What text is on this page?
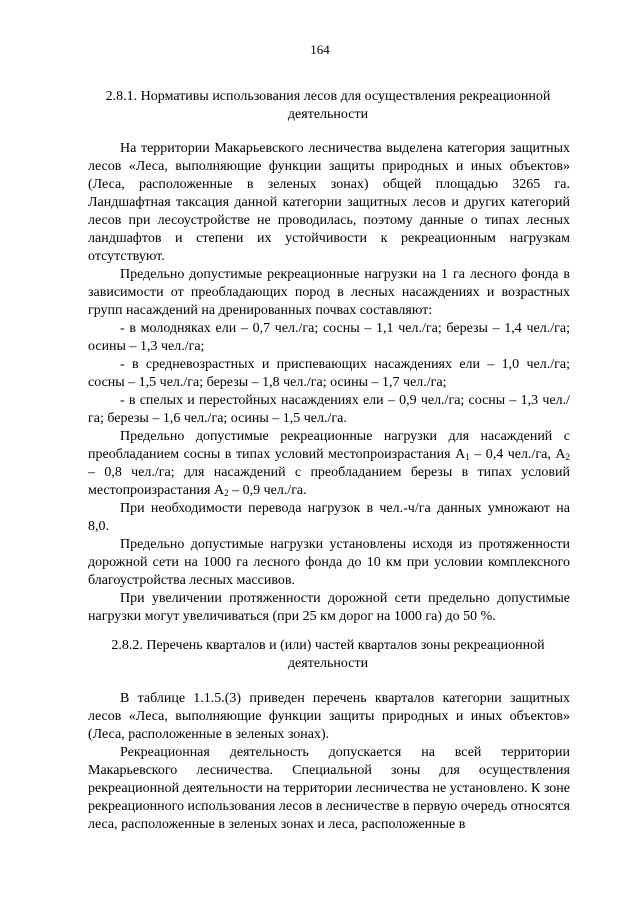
164
2.8.1. Нормативы использования лесов для осуществления рекреационной деятельности

На территории Макарьевского лесничества выделена категория защитных лесов «Леса, выполняющие функции защиты природных и иных объектов» (Леса, расположенные в зеленых зонах) общей площадью 3265 га. Ландшафтная таксация данной категории защитных лесов и других категорий лесов при лесоустройстве не проводилась, поэтому данные о типах лесных ландшафтов и степени их устойчивости к рекреационным нагрузкам отсутствуют.

Предельно допустимые рекреационные нагрузки на 1 га лесного фонда в зависимости от преобладающих пород в лесных насаждениях и возрастных групп насаждений на дренированных почвах составляют:

- в молодняках ели – 0,7 чел./га; сосны – 1,1 чел./га; березы – 1,4 чел./га; осины – 1,3 чел./га;

- в средневозрастных и приспевающих насаждениях ели – 1,0 чел./га; сосны – 1,5 чел./га; березы – 1,8 чел./га; осины – 1,7 чел./га;

- в спелых и перестойных насаждениях ели – 0,9 чел./га; сосны – 1,3 чел./га; березы – 1,6 чел./га; осины – 1,5 чел./га.

Предельно допустимые рекреационные нагрузки для насаждений с преобладанием сосны в типах условий местопроизрастания $А_1 - 0,4$ чел./га, $А_2 - 0,8$ чел./га; для насаждений с преобладанием березы в типах условий местопроизрастания $А_2 - 0,9$ чел./га.

При необходимости перевода нагрузок в чел.-ч/га данных умножают на 8,0.

Предельно допустимые нагрузки установлены исходя из протяженности дорожной сети на 1000 га лесного фонда до 10 км при условии комплексного благоустройства лесных массивов.

При увеличении протяженности дорожной сети предельно допустимые нагрузки могут увеличиваться (при 25 км дорог на 1000 га) до 50 %.

2.8.2. Перечень кварталов и (или) частей кварталов зоны рекреационной деятельности

В таблице 1.1.5.(3) приведен перечень кварталов категории защитных лесов «Леса, выполняющие функции защиты природных и иных объектов» (Леса, расположенные в зеленых зонах).

Рекреационная деятельность допускается на всей территории Макарьевского лесничества. Специальной зоны для осуществления рекреационной деятельности на территории лесничества не установлено. К зоне рекреационного использования лесов в лесничестве в первую очередь относятся леса, расположенные в зеленых зонах и леса, расположенные в
